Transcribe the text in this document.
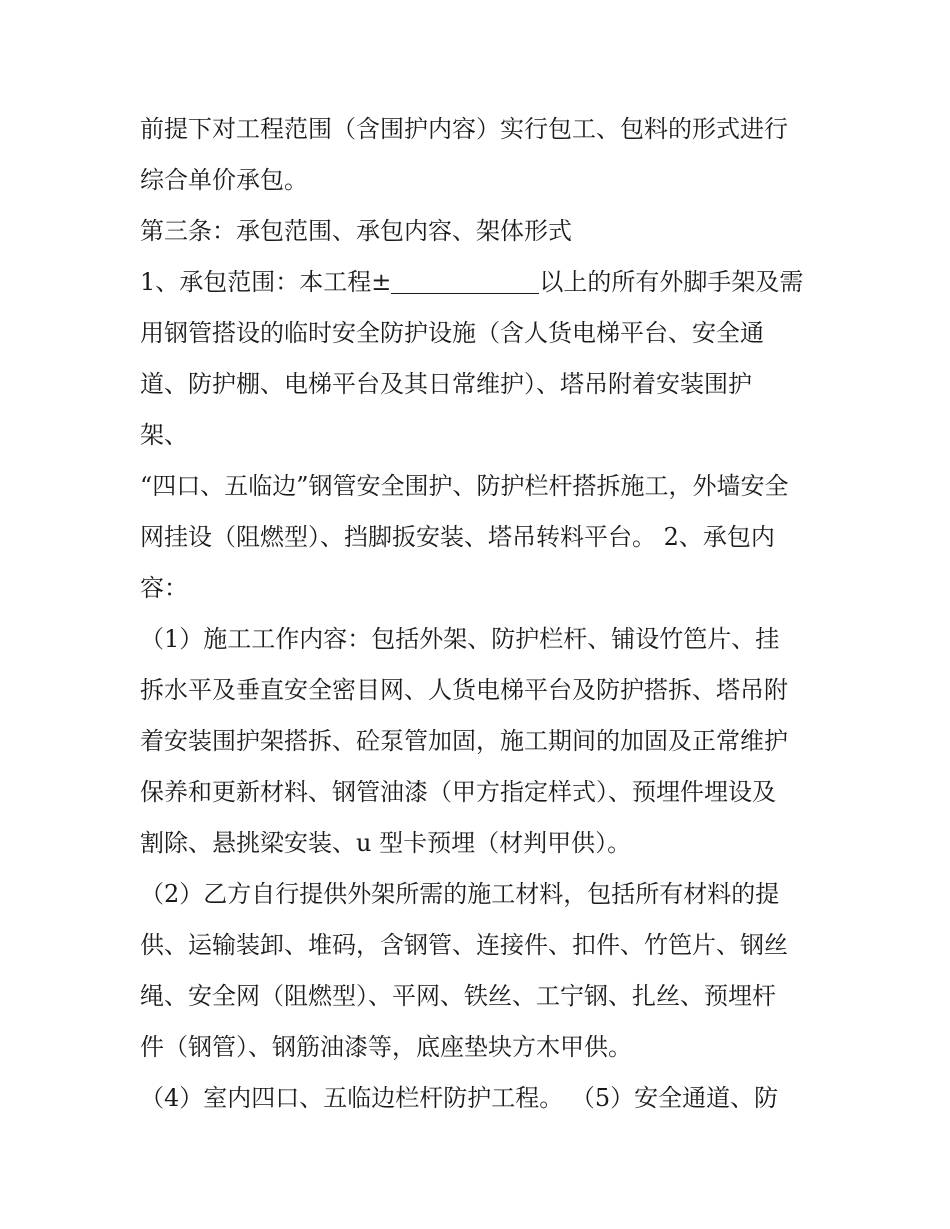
前提下对工程范围（含围护内容）实行包工、包料的形式进行
综合单价承包。
第三条：承包范围、承包内容、架体形式
1、承包范围：本工程±	以上的所有外脚手架及需
用钢管搭设的临时安全防护设施（含人货电梯平台、安全通
道、防护棚、电梯平台及其日常维护）、塔吊附着安装围护
架、
“四口、五临边”钢管安全围护、防护栏杆搭拆施工，外墙安全
网挂设（阻燃型）、挡脚扳安装、塔吊转料平台。 2、承包内
容：
（1）施工工作内容：包括外架、防护栏杆、铺设竹笆片、挂
拆水平及垂直安全密目网、人货电梯平台及防护搭拆、塔吊附
着安装围护架搭拆、砼泵管加固，施工期间的加固及正常维护
保养和更新材料、钢管油漆（甲方指定样式）、预埋件埋设及
割除、悬挑梁安装、u 型卡预埋（材判甲供）。
（2）乙方自行提供外架所需的施工材料，包括所有材料的提
供、运输装卸、堆码，含钢管、连接件、扣件、竹笆片、钢丝
绳、安全网（阻燃型）、平网、铁丝、工宁钢、扎丝、预埋杆
件（钢管）、钢筋油漆等，底座垫块方木甲供。
（4）室内四口、五临边栏杆防护工程。 （5）安全通道、防
